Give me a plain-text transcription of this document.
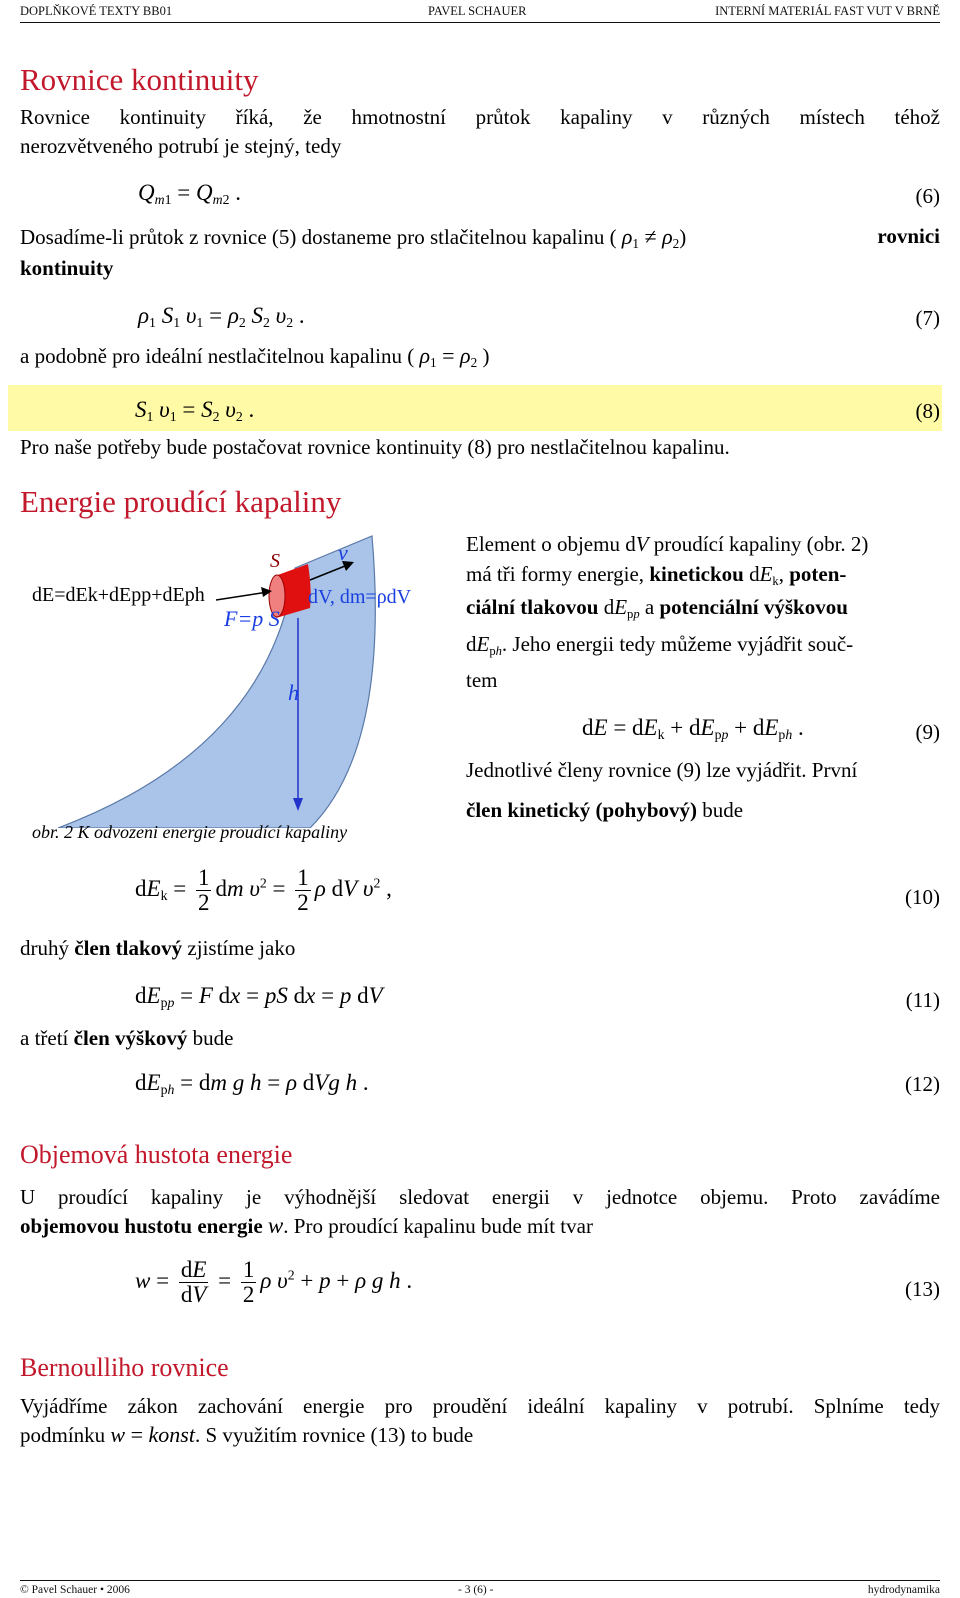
DOPLŇKOVÉ TEXTY BB01	PAVEL SCHAUER	INTERNÍ MATERIÁL FAST VUT V BRNĚ
Rovnice kontinuity
Rovnice kontinuity říká, že hmotnostní průtok kapaliny v různých místech téhož
nerozvětveného potrubí je stejný, tedy
$Q_{m1} = Q_{m2}$ .	(6)
Dosadíme-li průtok z rovnice (5) dostaneme pro stlačitelnou kapalinu ( $\rho_1 \ne \rho_2$)	rovnici
kontinuity
$\rho_1$ $S_1$ $\upsilon_1 = \rho_2$ $S_2$ $\upsilon_2$ .	(7)
a podobně pro ideální nestlačitelnou kapalinu ( $\rho_1 = \rho_2$ )
$S_1$ $\upsilon_1 = S_2$ $\upsilon_2$ .	(8)
Pro naše potřeby bude postačovat rovnice kontinuity (8) pro nestlačitelnou kapalinu.
Energie proudící kapaliny
dE=dEk+dEpp+dEph
S	v
F=p S
dV, dm=ρdV
h
obr. 2 K odvozeni energie proudící kapaliny
Element o objemu dV proudící kapaliny (obr. 2)
má tři formy energie, kinetickou $dE_k$, poten-
ciální tlakovou $dE_{pp}$ a potenciální výškovou
$dE_{ph}$. Jeho energii tedy můžeme vyjádřit souč-
tem
dE = $dE_k + dE_{pp} + dE_{ph}$ .	(9)
Jednotlivé členy rovnice (9) lze vyjádřit. První
člen kinetický (pohybový) bude
$dE_k = \frac{1}{2}$ dm $\upsilon^2 = \frac{1}{2}$ ρ dV $\upsilon^2$ ,	(10)
druhý člen tlakový zjistíme jako
$dE_{pp} = F$ dx = pS dx = p dV	(11)
a třetí člen výškový bude
$dE_{ph}$ = dm g h = ρ dVg h .	(12)
Objemová hustota energie
U proudící kapaliny je výhodnější sledovat energii v jednotce objemu. Proto zavádíme
objemovou hustotu energie w. Pro proudící kapalinu bude mít tvar
$w = \frac{dE}{dV} = \frac{1}{2}$ ρ $\upsilon^2 + p + \rho$ g h .	(13)
Bernoulliho rovnice
Vyjádříme zákon zachování energie pro proudění ideální kapaliny v potrubí. Splníme tedy
podmínku w = konst. S využitím rovnice (13) to bude
© Pavel Schauer • 2006	- 3 (6) -	hydrodynamika
